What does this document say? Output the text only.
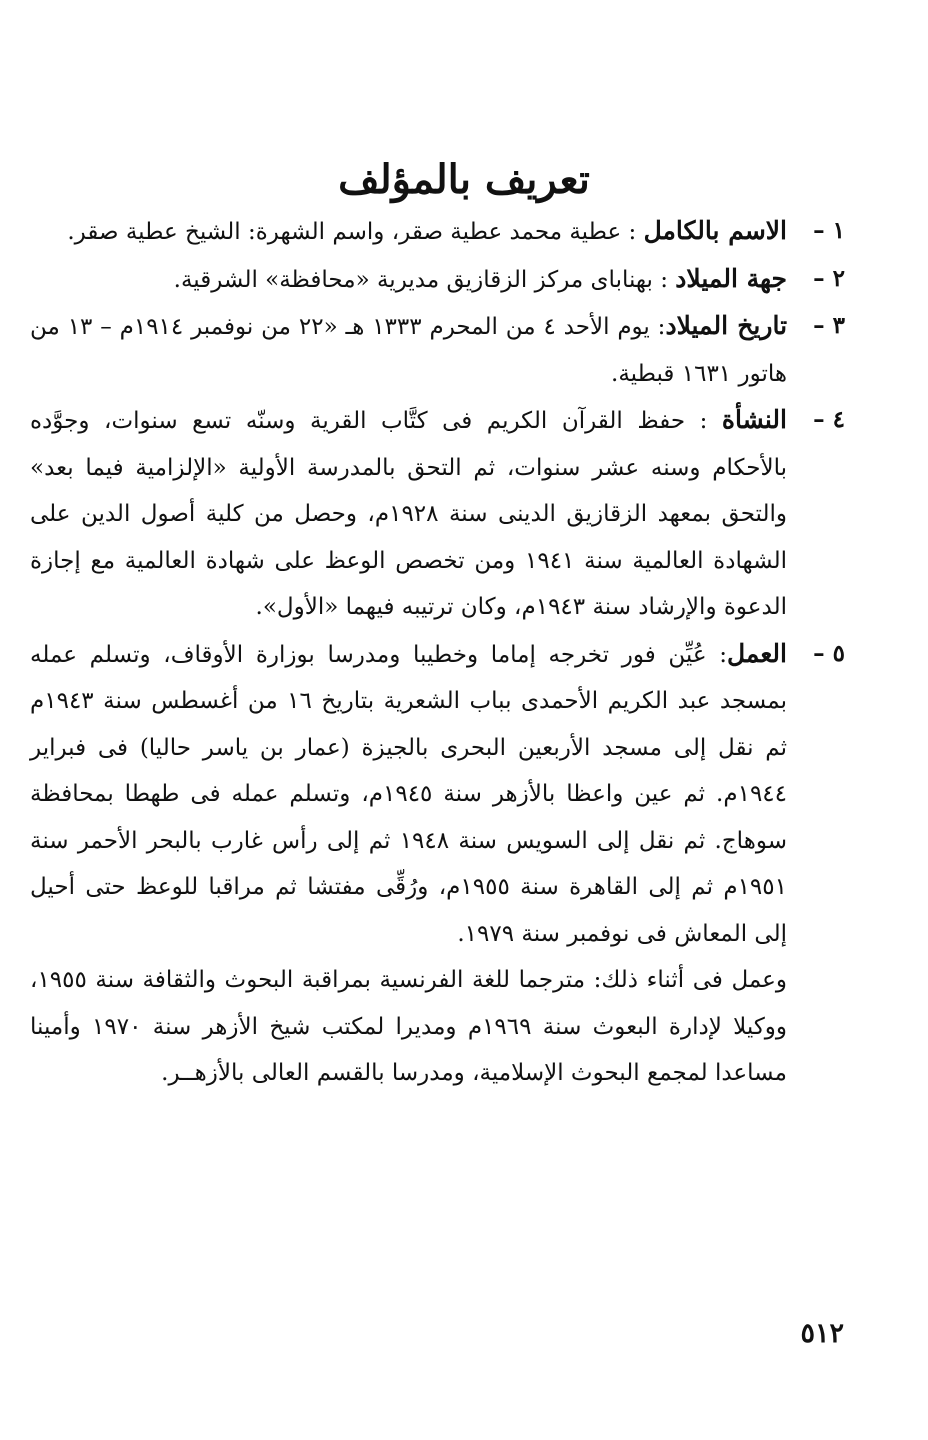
تعريف بالمؤلف
١ –
الاسم بالكامل : عطية محمد عطية صقر، واسم الشهرة: الشيخ عطية صقر.
٢ –
جهة الميلاد : بهناباى مركز الزقازيق مديرية «محافظة» الشرقية.
٣ –
تاريخ الميلاد: يوم الأحد ٤ من المحرم ١٣٣٣ هـ «٢٢ من نوفمبر ١٩١٤م – ١٣ من هاتور ١٦٣١ قبطية.
٤ –
النشأة : حفظ القرآن الكريم فى كتَّاب القرية وسنّه تسع سنوات، وجوَّده بالأحكام وسنه عشر سنوات، ثم التحق بالمدرسة الأولية «الإلزامية فيما بعد» والتحق بمعهد الزقازيق الدينى سنة ١٩٢٨م، وحصل من كلية أصول الدين على الشهادة العالمية سنة ١٩٤١ ومن تخصص الوعظ على شهادة العالمية مع إجازة الدعوة والإرشاد سنة ١٩٤٣م، وكان ترتيبه فيهما «الأول».
٥ –
العمل: عُيِّن فور تخرجه إماما وخطيبا ومدرسا بوزارة الأوقاف، وتسلم عمله بمسجد عبد الكريم الأحمدى بباب الشعرية بتاريخ ١٦ من أغسطس سنة ١٩٤٣م ثم نقل إلى مسجد الأربعين البحرى بالجيزة (عمار بن ياسر حاليا) فى فبراير ١٩٤٤م. ثم عين واعظا بالأزهر سنة ١٩٤٥م، وتسلم عمله فى طهطا بمحافظة سوهاج. ثم نقل إلى السويس سنة ١٩٤٨ ثم إلى رأس غارب بالبحر الأحمر سنة ١٩٥١م ثم إلى القاهرة سنة ١٩٥٥م، ورُقِّى مفتشا ثم مراقبا للوعظ حتى أحيل إلى المعاش فى نوفمبر سنة ١٩٧٩.
وعمل فى أثناء ذلك: مترجما للغة الفرنسية بمراقبة البحوث والثقافة سنة ١٩٥٥، ووكيلا لإدارة البعوث سنة ١٩٦٩م ومديرا لمكتب شيخ الأزهر سنة ١٩٧٠ وأمينا مساعدا لمجمع البحوث الإسلامية، ومدرسا بالقسم العالى بالأزهــر.
٥١٢
